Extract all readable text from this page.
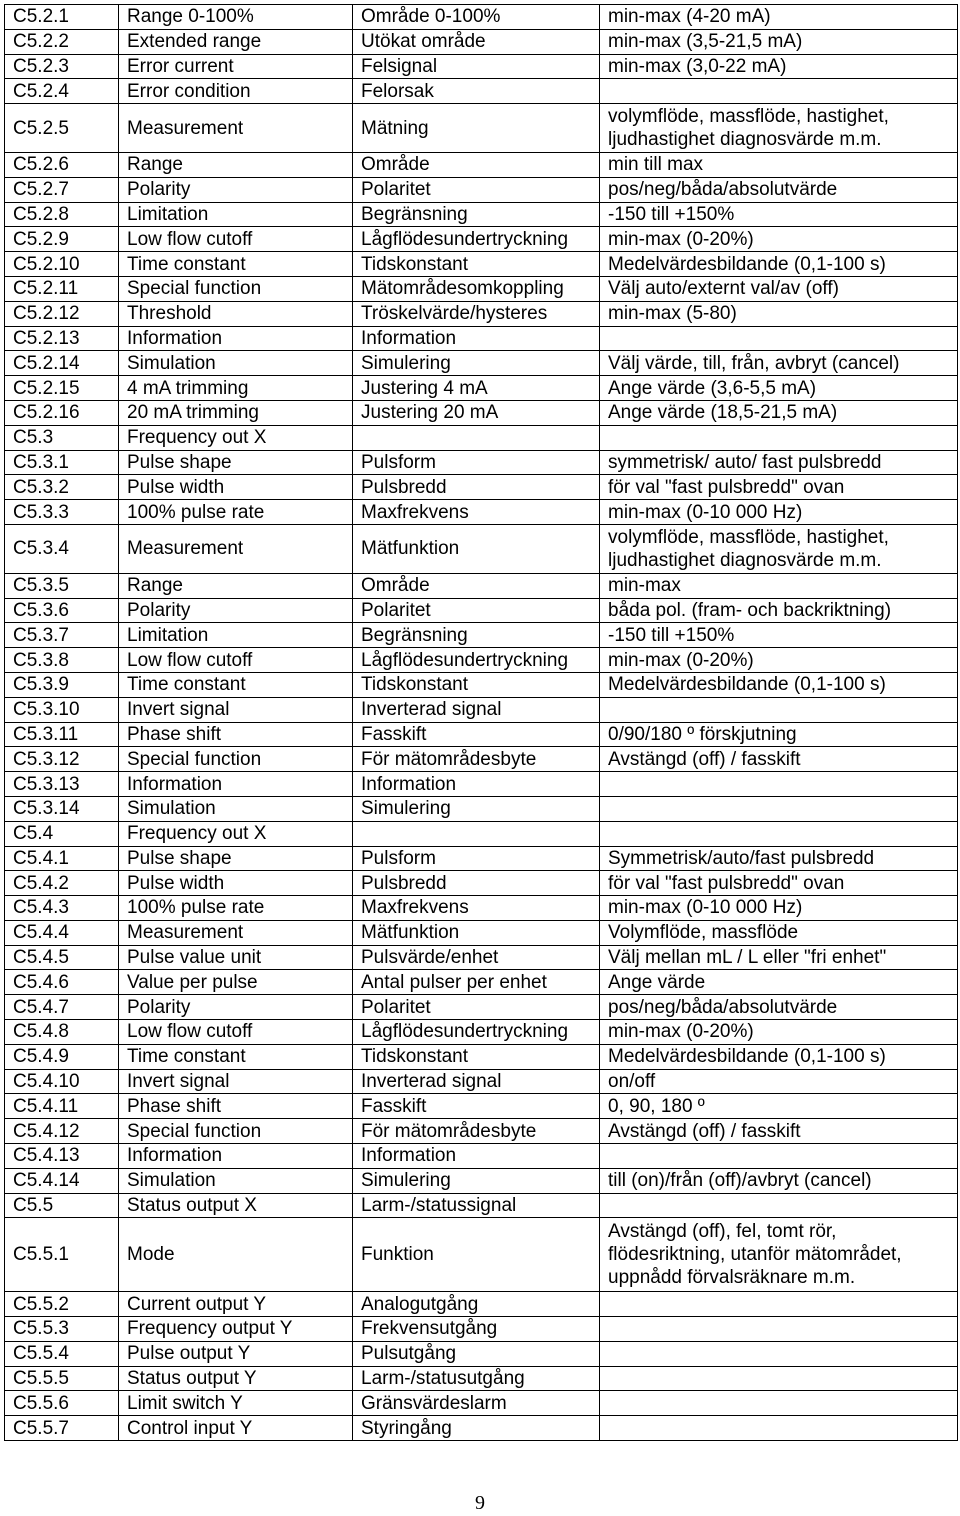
C5.2.1	Range 0-100%	Område 0-100%	min-max (4-20 mA)
C5.2.2	Extended range	Utökat område	min-max (3,5-21,5 mA)
C5.2.3	Error current	Felsignal	min-max (3,0-22 mA)
C5.2.4	Error condition	Felorsak	
C5.2.5	Measurement	Mätning	volymflöde, massflöde, hastighet, ljudhastighet diagnosvärde m.m.
C5.2.6	Range	Område	min till max
C5.2.7	Polarity	Polaritet	pos/neg/båda/absolutvärde
C5.2.8	Limitation	Begränsning	-150 till +150%
C5.2.9	Low flow cutoff	Lågflödesundertryckning	min-max (0-20%)
C5.2.10	Time constant	Tidskonstant	Medelvärdesbildande (0,1-100 s)
C5.2.11	Special function	Mätområdesomkoppling	Välj auto/externt val/av (off)
C5.2.12	Threshold	Tröskelvärde/hysteres	min-max (5-80)
C5.2.13	Information	Information	
C5.2.14	Simulation	Simulering	Välj värde, till, från, avbryt (cancel)
C5.2.15	4 mA trimming	Justering 4 mA	Ange värde (3,6-5,5 mA)
C5.2.16	20 mA trimming	Justering 20 mA	Ange värde (18,5-21,5 mA)
C5.3	Frequency out X		
C5.3.1	Pulse shape	Pulsform	symmetrisk/ auto/ fast pulsbredd
C5.3.2	Pulse width	Pulsbredd	för val "fast pulsbredd" ovan
C5.3.3	100% pulse rate	Maxfrekvens	min-max (0-10 000 Hz)
C5.3.4	Measurement	Mätfunktion	volymflöde, massflöde, hastighet, ljudhastighet diagnosvärde m.m.
C5.3.5	Range	Område	min-max
C5.3.6	Polarity	Polaritet	båda pol. (fram- och backriktning)
C5.3.7	Limitation	Begränsning	-150 till +150%
C5.3.8	Low flow cutoff	Lågflödesundertryckning	min-max (0-20%)
C5.3.9	Time constant	Tidskonstant	Medelvärdesbildande (0,1-100 s)
C5.3.10	Invert signal	Inverterad signal	
C5.3.11	Phase shift	Fasskift	0/90/180 º förskjutning
C5.3.12	Special function	För mätområdesbyte	Avstängd (off) / fasskift
C5.3.13	Information	Information	
C5.3.14	Simulation	Simulering	
C5.4	Frequency out X		
C5.4.1	Pulse shape	Pulsform	Symmetrisk/auto/fast pulsbredd
C5.4.2	Pulse width	Pulsbredd	för val "fast pulsbredd" ovan
C5.4.3	100% pulse rate	Maxfrekvens	min-max (0-10 000 Hz)
C5.4.4	Measurement	Mätfunktion	Volymflöde, massflöde
C5.4.5	Pulse value unit	Pulsvärde/enhet	Välj mellan mL / L eller "fri enhet"
C5.4.6	Value per pulse	Antal pulser per enhet	Ange värde
C5.4.7	Polarity	Polaritet	pos/neg/båda/absolutvärde
C5.4.8	Low flow cutoff	Lågflödesundertryckning	min-max (0-20%)
C5.4.9	Time constant	Tidskonstant	Medelvärdesbildande (0,1-100 s)
C5.4.10	Invert signal	Inverterad signal	on/off
C5.4.11	Phase shift	Fasskift	0, 90, 180 º
C5.4.12	Special function	För mätområdesbyte	Avstängd (off) / fasskift
C5.4.13	Information	Information	
C5.4.14	Simulation	Simulering	till (on)/från (off)/avbryt (cancel)
C5.5	Status output X	Larm-/statussignal	
C5.5.1	Mode	Funktion	Avstängd (off), fel, tomt rör, flödesriktning, utanför mätområdet, uppnådd förvalsräknare m.m.
C5.5.2	Current output Y	Analogutgång	
C5.5.3	Frequency output Y	Frekvensutgång	
C5.5.4	Pulse output Y	Pulsutgång	
C5.5.5	Status output Y	Larm-/statusutgång	
C5.5.6	Limit switch Y	Gränsvärdeslarm	
C5.5.7	Control input Y	Styringång	
9
